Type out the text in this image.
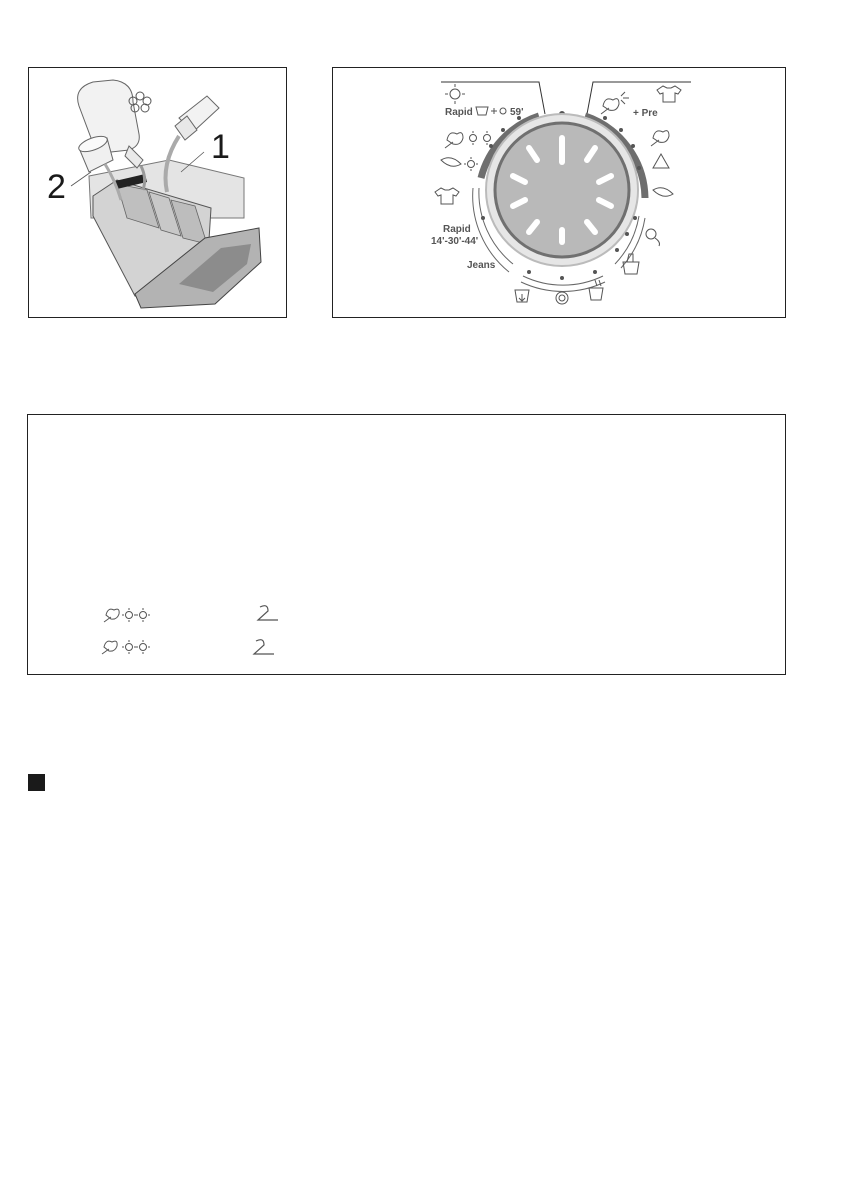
1
2
Rapid	59'
Rapid
14'-30'-44'
Jeans
+ Pre
